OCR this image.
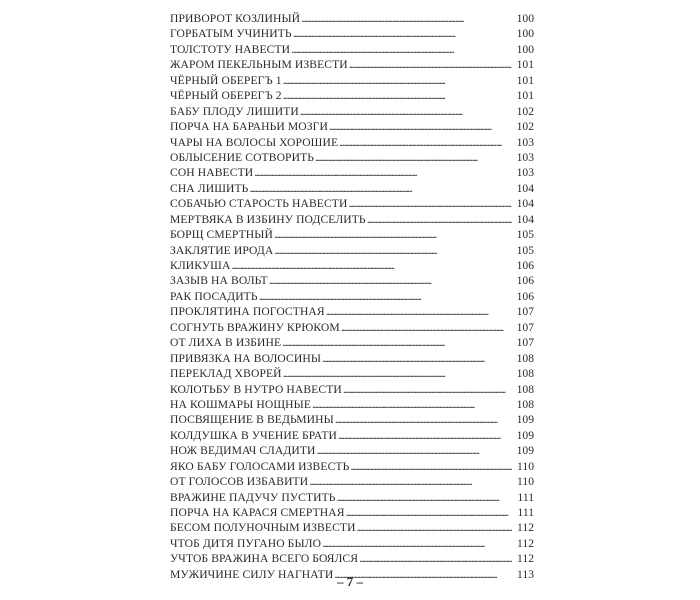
ПРИВОРОТ КОЗЛИНЫЙ . . .	100
ГОРБАТЫМ УЧИНИТЬ . . .	100
ТОЛСТОТУ НАВЕСТИ . . .	100
ЖАРОМ ПЕКЕЛЬНЫМ ИЗВЕСТИ . . .	101
ЧЁРНЫЙ ОБЕРЕГЪ 1 . . .	101
ЧЁРНЫЙ ОБЕРЕГЪ 2 . . .	101
БАБУ ПЛОДУ ЛИШИТИ . . .	102
ПОРЧА НА БАРАНЬИ МОЗГИ . . .	102
ЧАРЫ НА ВОЛОСЫ ХОРОШИЕ . . .	103
ОБЛЫСЕНИЕ СОТВОРИТЬ . . .	103
СОН НАВЕСТИ . . .	103
СНА ЛИШИТЬ . . .	104
СОБАЧЬЮ СТАРОСТЬ НАВЕСТИ . . .	104
МЕРТВЯКА В ИЗБИНУ ПОДСЕЛИТЬ . . .	104
БОРЩ СМЕРТНЫЙ . . .	105
ЗАКЛЯТИЕ ИРОДА . . .	105
КЛИКУША . . .	106
ЗАЗЫВ НА ВОЛЬТ . . .	106
РАК ПОСАДИТЬ . . .	106
ПРОКЛЯТИНА ПОГОСТНАЯ . . .	107
СОГНУТЬ ВРАЖИНУ КРЮКОМ . . .	107
ОТ ЛИХА В ИЗБИНЕ . . .	107
ПРИВЯЗКА НА ВОЛОСИНЫ . . .	108
ПЕРЕКЛАД ХВОРЕЙ . . .	108
КОЛОТЬБУ В НУТРО НАВЕСТИ . . .	108
НА КОШМАРЫ НОЩНЫЕ . . .	108
ПОСВЯЩЕНИЕ В ВЕДЬМИНЫ . . .	109
КОЛДУШКА В УЧЕНИЕ БРАТИ . . .	109
НОЖ ВЕДИМАЧ СЛАДИТИ . . .	109
ЯКО БАБУ ГОЛОСАМИ ИЗВЕСТЬ . . .	110
ОТ ГОЛОСОВ ИЗБАВИТИ . . .	110
ВРАЖИНЕ ПАДУЧУ ПУСТИТЬ . . .	111
ПОРЧА НА КАРАСЯ СМЕРТНАЯ . . .	111
БЕСОМ ПОЛУНОЧНЫМ ИЗВЕСТИ . . .	112
ЧТОБ ДИТЯ ПУГАНО БЫЛО . . .	112
УЧТОБ ВРАЖИНА ВСЕГО БОЯЛСЯ . . .	112
МУЖИЧИНЕ СИЛУ НАГНАТИ . . .	113
– 7 –
